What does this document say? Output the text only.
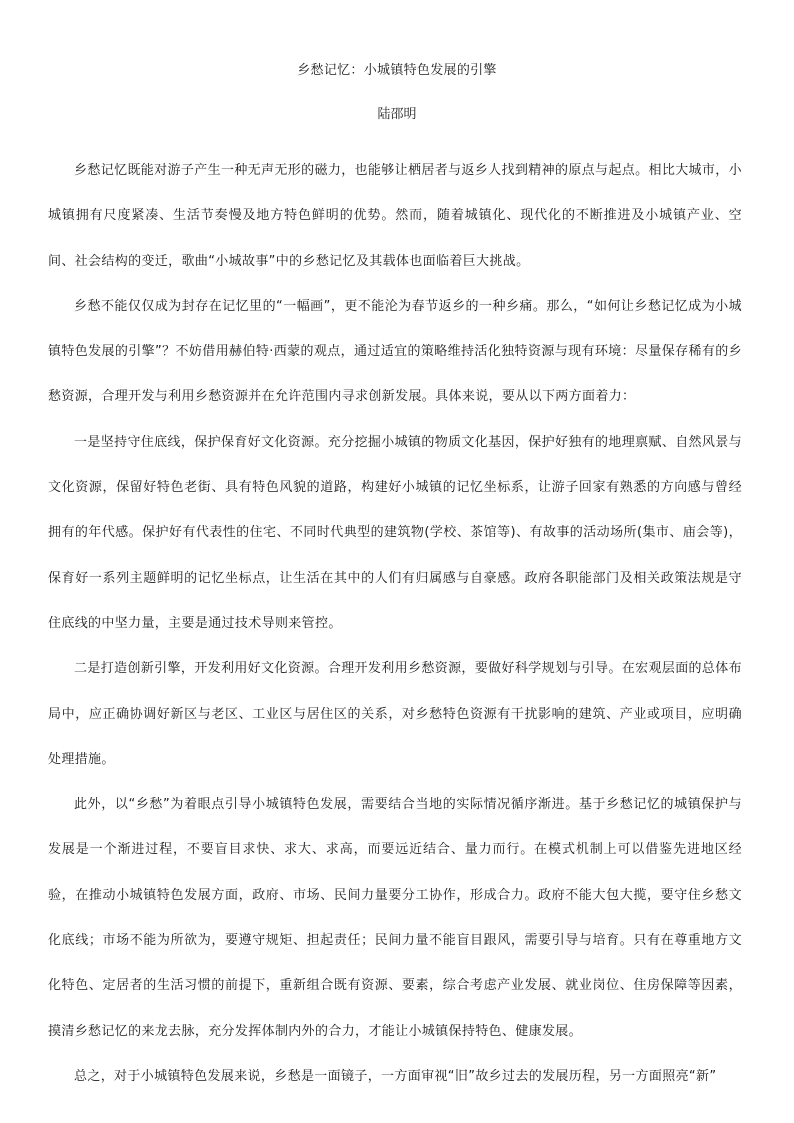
乡愁记忆：小城镇特色发展的引擎
陆邵明

乡愁记忆既能对游子产生一种无声无形的磁力，也能够让栖居者与返乡人找到精神的原点与起点。相比大城市，小城镇拥有尺度紧凑、生活节奏慢及地方特色鲜明的优势。然而，随着城镇化、现代化的不断推进及小城镇产业、空间、社会结构的变迁，歌曲“小城故事”中的乡愁记忆及其载体也面临着巨大挑战。

乡愁不能仅仅成为封存在记忆里的“一幅画”，更不能沦为春节返乡的一种乡痛。那么，“如何让乡愁记忆成为小城镇特色发展的引擎”？不妨借用赫伯特·西蒙的观点，通过适宜的策略维持活化独特资源与现有环境：尽量保存稀有的乡愁资源，合理开发与利用乡愁资源并在允许范围内寻求创新发展。具体来说，要从以下两方面着力：

一是坚持守住底线，保护保育好文化资源。充分挖掘小城镇的物质文化基因，保护好独有的地理禀赋、自然风景与文化资源，保留好特色老街、具有特色风貌的道路，构建好小城镇的记忆坐标系，让游子回家有熟悉的方向感与曾经拥有的年代感。保护好有代表性的住宅、不同时代典型的建筑物(学校、茶馆等)、有故事的活动场所(集市、庙会等)，保育好一系列主题鲜明的记忆坐标点，让生活在其中的人们有归属感与自豪感。政府各职能部门及相关政策法规是守住底线的中坚力量，主要是通过技术导则来管控。

二是打造创新引擎，开发利用好文化资源。合理开发利用乡愁资源，要做好科学规划与引导。在宏观层面的总体布局中，应正确协调好新区与老区、工业区与居住区的关系，对乡愁特色资源有干扰影响的建筑、产业或项目，应明确处理措施。

此外，以“乡愁”为着眼点引导小城镇特色发展，需要结合当地的实际情况循序渐进。基于乡愁记忆的城镇保护与发展是一个渐进过程，不要盲目求快、求大、求高，而要远近结合、量力而行。在模式机制上可以借鉴先进地区经验，在推动小城镇特色发展方面，政府、市场、民间力量要分工协作，形成合力。政府不能大包大揽，要守住乡愁文化底线；市场不能为所欲为，要遵守规矩、担起责任；民间力量不能盲目跟风，需要引导与培育。只有在尊重地方文化特色、定居者的生活习惯的前提下，重新组合既有资源、要素，综合考虑产业发展、就业岗位、住房保障等因素，摸清乡愁记忆的来龙去脉，充分发挥体制内外的合力，才能让小城镇保持特色、健康发展。

总之，对于小城镇特色发展来说，乡愁是一面镜子，一方面审视“旧”故乡过去的发展历程，另一方面照亮“新”
